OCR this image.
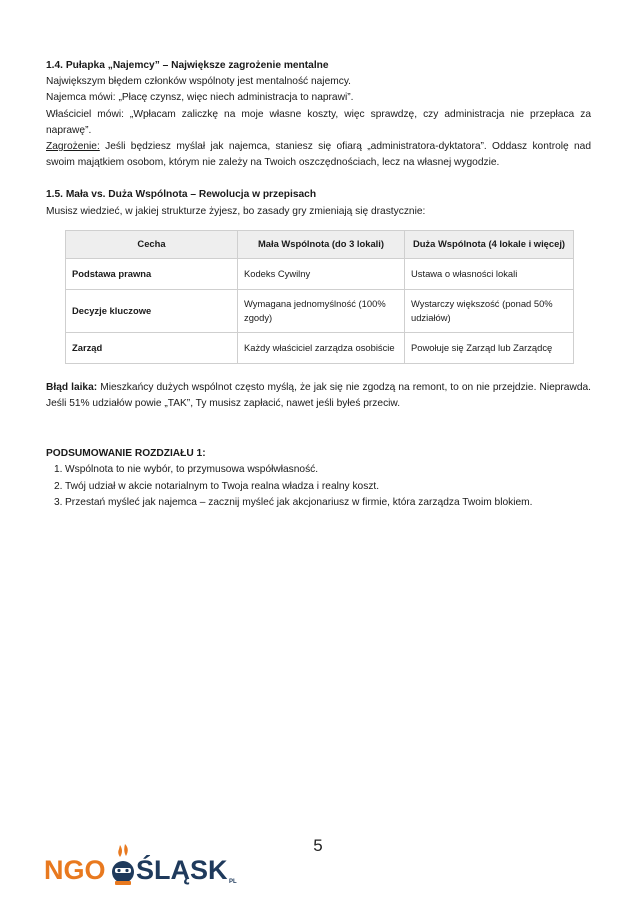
1.4. Pułapka „Najemcy” – Największe zagrożenie mentalne

Największym błędem członków wspólnoty jest mentalność najemcy.

Najemca mówi: „Płacę czynsz, więc niech administracja to naprawi”.

Właściciel mówi: „Wpłacam zaliczkę na moje własne koszty, więc sprawdzę, czy administracja nie przepłaca za naprawę”.

Zagrożenie: Jeśli będziesz myślał jak najemca, staniesz się ofiarą „administratora-dyktatora”. Oddasz kontrolę nad swoim majątkiem osobom, którym nie zależy na Twoich oszczędnościach, lecz na własnej wygodzie.

1.5. Mała vs. Duża Wspólnota – Rewolucja w przepisach

Musisz wiedzieć, w jakiej strukturze żyjesz, bo zasady gry zmieniają się drastycznie:

Cecha	Mała Wspólnota (do 3 lokali)	Duża Wspólnota (4 lokale i więcej)
Podstawa prawna	Kodeks Cywilny	Ustawa o własności lokali
Decyzje kluczowe	Wymagana jednomyślność (100% zgody)	Wystarczy większość (ponad 50% udziałów)
Zarząd	Każdy właściciel zarządza osobiście	Powołuje się Zarząd lub Zarządcę

Błąd laika: Mieszkańcy dużych wspólnot często myślą, że jak się nie zgodzą na remont, to on nie przejdzie. Nieprawda. Jeśli 51% udziałów powie „TAK”, Ty musisz zapłacić, nawet jeśli byłeś przeciw.

PODSUMOWANIE ROZDZIAŁU 1:

1. Wspólnota to nie wybór, to przymusowa współwłasność.
2. Twój udział w akcie notarialnym to Twoja realna władza i realny koszt.
3. Przestań myśleć jak najemca – zacznij myśleć jak akcjonariusz w firmie, która zarządza Twoim blokiem.
5
NGO ŚLĄSK PL
